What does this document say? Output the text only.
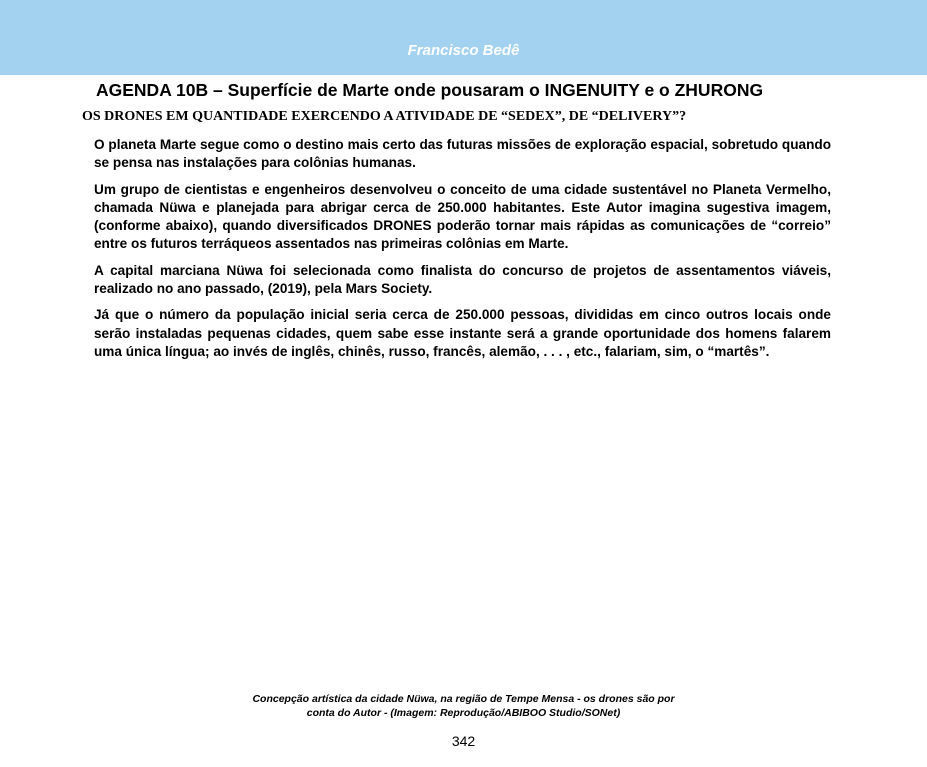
Francisco Bedê
AGENDA 10B – Superfície de Marte onde pousaram o INGENUITY e o ZHURONG
OS DRONES EM QUANTIDADE EXERCENDO A ATIVIDADE DE “SEDEX”, DE “DELIVERY”?

O planeta Marte segue como o destino mais certo das futuras missões de exploração espacial, sobretudo quando se pensa nas instalações para colônias humanas.

Um grupo de cientistas e engenheiros desenvolveu o conceito de uma cidade sustentável no Planeta Vermelho, chamada Nüwa e planejada para abrigar cerca de 250.000 habitantes. Este Autor imagina sugestiva imagem, (conforme abaixo), quando diversificados DRONES poderão tornar mais rápidas as comunicações de “correio” entre os futuros terráqueos assentados nas primeiras colônias em Marte.

A capital marciana Nüwa foi selecionada como finalista do concurso de projetos de assentamentos viáveis, realizado no ano passado, (2019), pela Mars Society.

Já que o número da população inicial seria cerca de 250.000 pessoas, divididas em cinco outros locais onde serão instaladas pequenas cidades, quem sabe esse instante será a grande oportunidade dos homens falarem uma única língua; ao invés de inglês, chinês, russo, francês, alemão, . . . , etc., falariam, sim, o “martês”.

Concepção artística da cidade Nüwa, na região de Tempe Mensa - os drones são por
conta do Autor - (Imagem: Reprodução/ABIBOO Studio/SONet)
342
